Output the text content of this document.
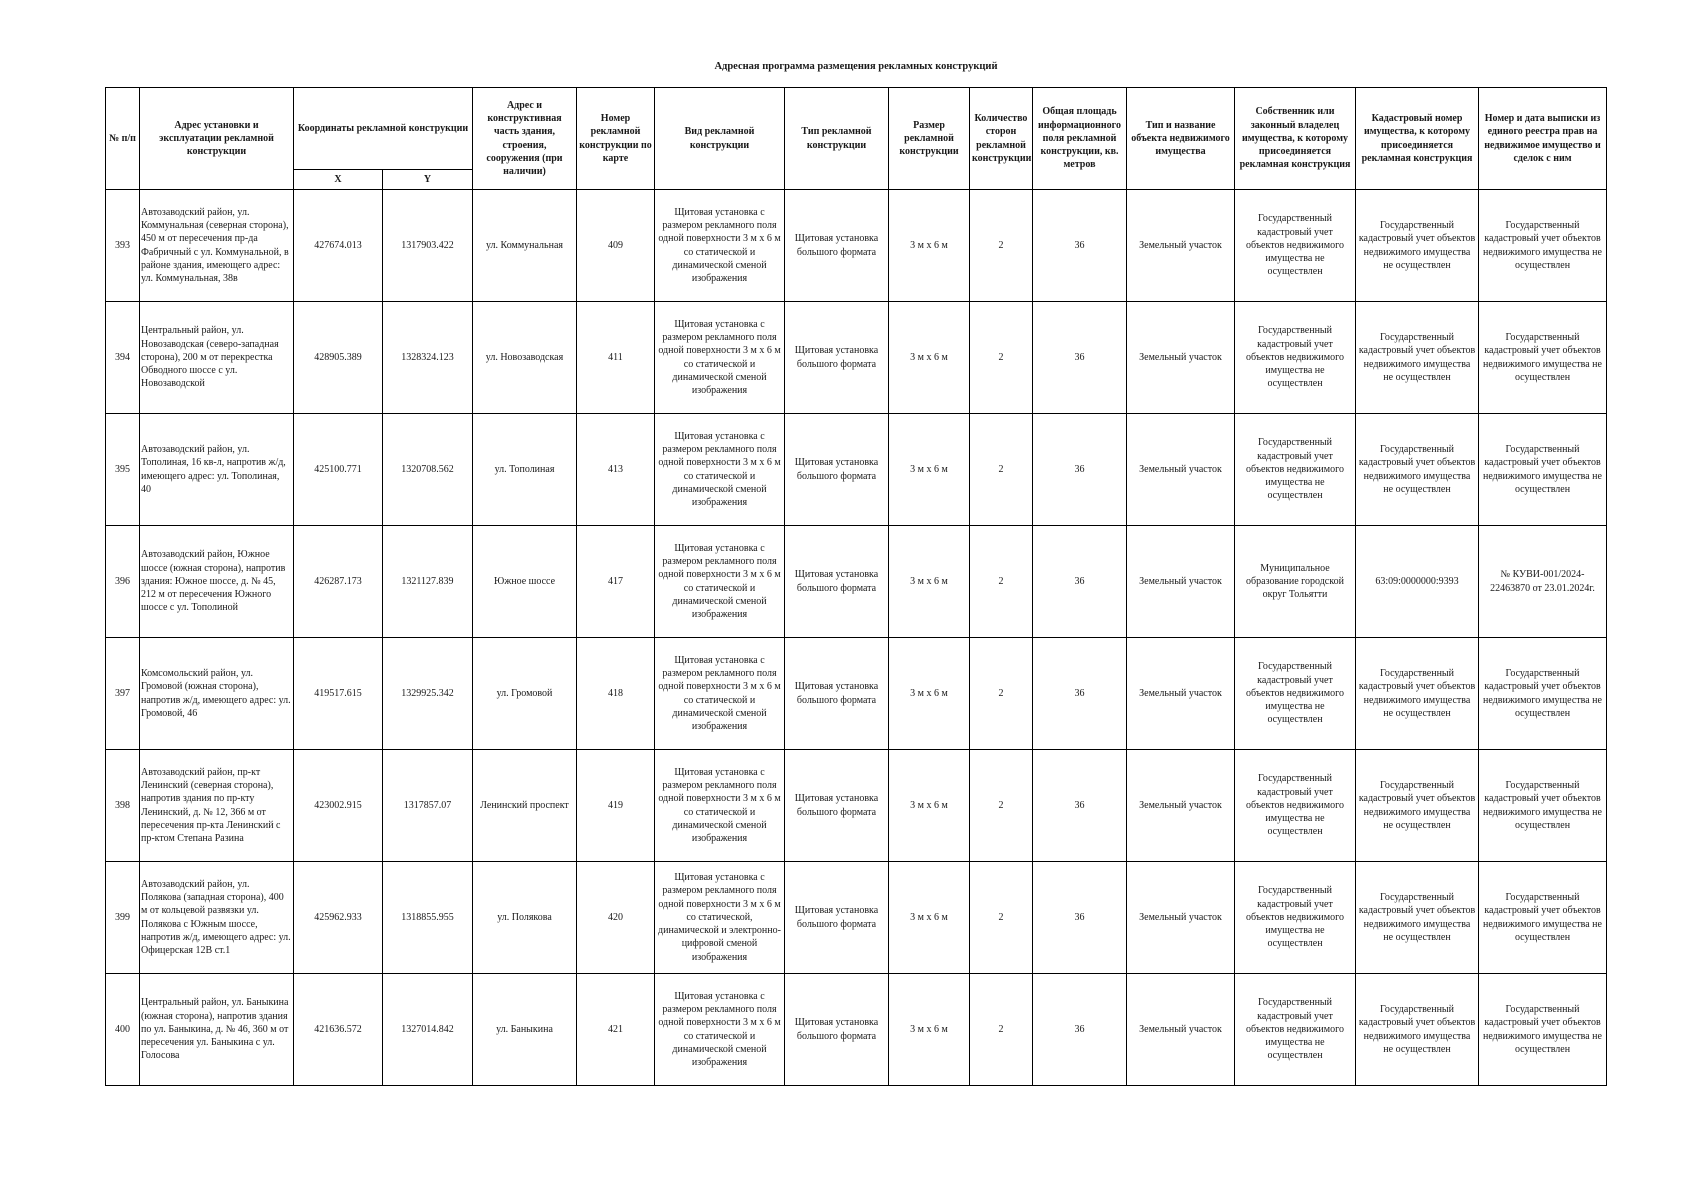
Адресная программа размещения рекламных конструкций
№ п/п	Адрес установки и эксплуатации рекламной конструкции	Координаты рекламной конструкции		Адрес и конструктивная часть здания, строения, сооружения (при наличии)	Номер рекламной конструкции по карте	Вид рекламной конструкции	Тип рекламной конструкции	Размер рекламной конструкции	Количество сторон рекламной конструкции	Общая площадь информационного поля рекламной конструкции, кв. метров	Тип и название объекта недвижимого имущества	Собственник или законный владелец имущества, к которому присоединяется рекламная конструкция	Кадастровый номер имущества, к которому присоединяется рекламная конструкция	Номер и дата выписки из единого реестра прав на недвижимое имущество и сделок с ним
		X	Y											
393	Автозаводский район, ул. Коммунальная (северная сторона), 450 м от пересечения пр-да Фабричный с ул. Коммунальной, в районе здания, имеющего адрес: ул. Коммунальная, 38в	427674.013	1317903.422	ул. Коммунальная	409	Щитовая установка с размером рекламного поля одной поверхности 3 м х 6 м со статической и динамической сменой изображения	Щитовая установка большого формата	3 м х 6 м	2	36	Земельный участок	Государственный кадастровый учет объектов недвижимого имущества не осуществлен	Государственный кадастровый учет объектов недвижимого имущества не осуществлен	Государственный кадастровый учет объектов недвижимого имущества не осуществлен
394	Центральный район, ул. Новозаводская (северо-западная сторона), 200 м от перекрестка Обводного шоссе с ул. Новозаводской	428905.389	1328324.123	ул. Новозаводская	411	Щитовая установка с размером рекламного поля одной поверхности 3 м х 6 м со статической и динамической сменой изображения	Щитовая установка большого формата	3 м х 6 м	2	36	Земельный участок	Государственный кадастровый учет объектов недвижимого имущества не осуществлен	Государственный кадастровый учет объектов недвижимого имущества не осуществлен	Государственный кадастровый учет объектов недвижимого имущества не осуществлен
395	Автозаводский район, ул. Тополиная, 16 кв-л, напротив ж/д, имеющего адрес: ул. Тополиная, 40	425100.771	1320708.562	ул. Тополиная	413	Щитовая установка с размером рекламного поля одной поверхности 3 м х 6 м со статической и динамической сменой изображения	Щитовая установка большого формата	3 м х 6 м	2	36	Земельный участок	Государственный кадастровый учет объектов недвижимого имущества не осуществлен	Государственный кадастровый учет объектов недвижимого имущества не осуществлен	Государственный кадастровый учет объектов недвижимого имущества не осуществлен
396	Автозаводский район, Южное шоссе (южная сторона), напротив здания: Южное шоссе, д. № 45, 212 м от пересечения Южного шоссе с ул. Тополиной	426287.173	1321127.839	Южное шоссе	417	Щитовая установка с размером рекламного поля одной поверхности 3 м х 6 м со статической и динамической сменой изображения	Щитовая установка большого формата	3 м х 6 м	2	36	Земельный участок	Муниципальное образование городской округ Тольятти	63:09:0000000:9393	№ КУВИ-001/2024-22463870 от 23.01.2024г.
397	Комсомольский район, ул. Громовой (южная сторона), напротив ж/д, имеющего адрес: ул. Громовой, 46	419517.615	1329925.342	ул. Громовой	418	Щитовая установка с размером рекламного поля одной поверхности 3 м х 6 м со статической и динамической сменой изображения	Щитовая установка большого формата	3 м х 6 м	2	36	Земельный участок	Государственный кадастровый учет объектов недвижимого имущества не осуществлен	Государственный кадастровый учет объектов недвижимого имущества не осуществлен	Государственный кадастровый учет объектов недвижимого имущества не осуществлен
398	Автозаводский район, пр-кт Ленинский (северная сторона), напротив здания по пр-кту Ленинский, д. № 12, 366 м от пересечения пр-кта Ленинский с пр-ктом Степана Разина	423002.915	1317857.07	Ленинский проспект	419	Щитовая установка с размером рекламного поля одной поверхности 3 м х 6 м со статической и динамической сменой изображения	Щитовая установка большого формата	3 м х 6 м	2	36	Земельный участок	Государственный кадастровый учет объектов недвижимого имущества не осуществлен	Государственный кадастровый учет объектов недвижимого имущества не осуществлен	Государственный кадастровый учет объектов недвижимого имущества не осуществлен
399	Автозаводский район, ул. Полякова (западная сторона), 400 м от кольцевой развязки ул. Полякова с Южным шоссе, напротив ж/д, имеющего адрес: ул. Офицерская 12В ст.1	425962.933	1318855.955	ул. Полякова	420	Щитовая установка с размером рекламного поля одной поверхности 3 м х 6 м со статической, динамической и электронно-цифровой сменой изображения	Щитовая установка большого формата	3 м х 6 м	2	36	Земельный участок	Государственный кадастровый учет объектов недвижимого имущества не осуществлен	Государственный кадастровый учет объектов недвижимого имущества не осуществлен	Государственный кадастровый учет объектов недвижимого имущества не осуществлен
400	Центральный район, ул. Баныкина (южная сторона), напротив здания по ул. Баныкина, д. № 46, 360 м от пересечения ул. Баныкина с ул. Голосова	421636.572	1327014.842	ул. Баныкина	421	Щитовая установка с размером рекламного поля одной поверхности 3 м х 6 м со статической и динамической сменой изображения	Щитовая установка большого формата	3 м х 6 м	2	36	Земельный участок	Государственный кадастровый учет объектов недвижимого имущества не осуществлен	Государственный кадастровый учет объектов недвижимого имущества не осуществлен	Государственный кадастровый учет объектов недвижимого имущества не осуществлен
